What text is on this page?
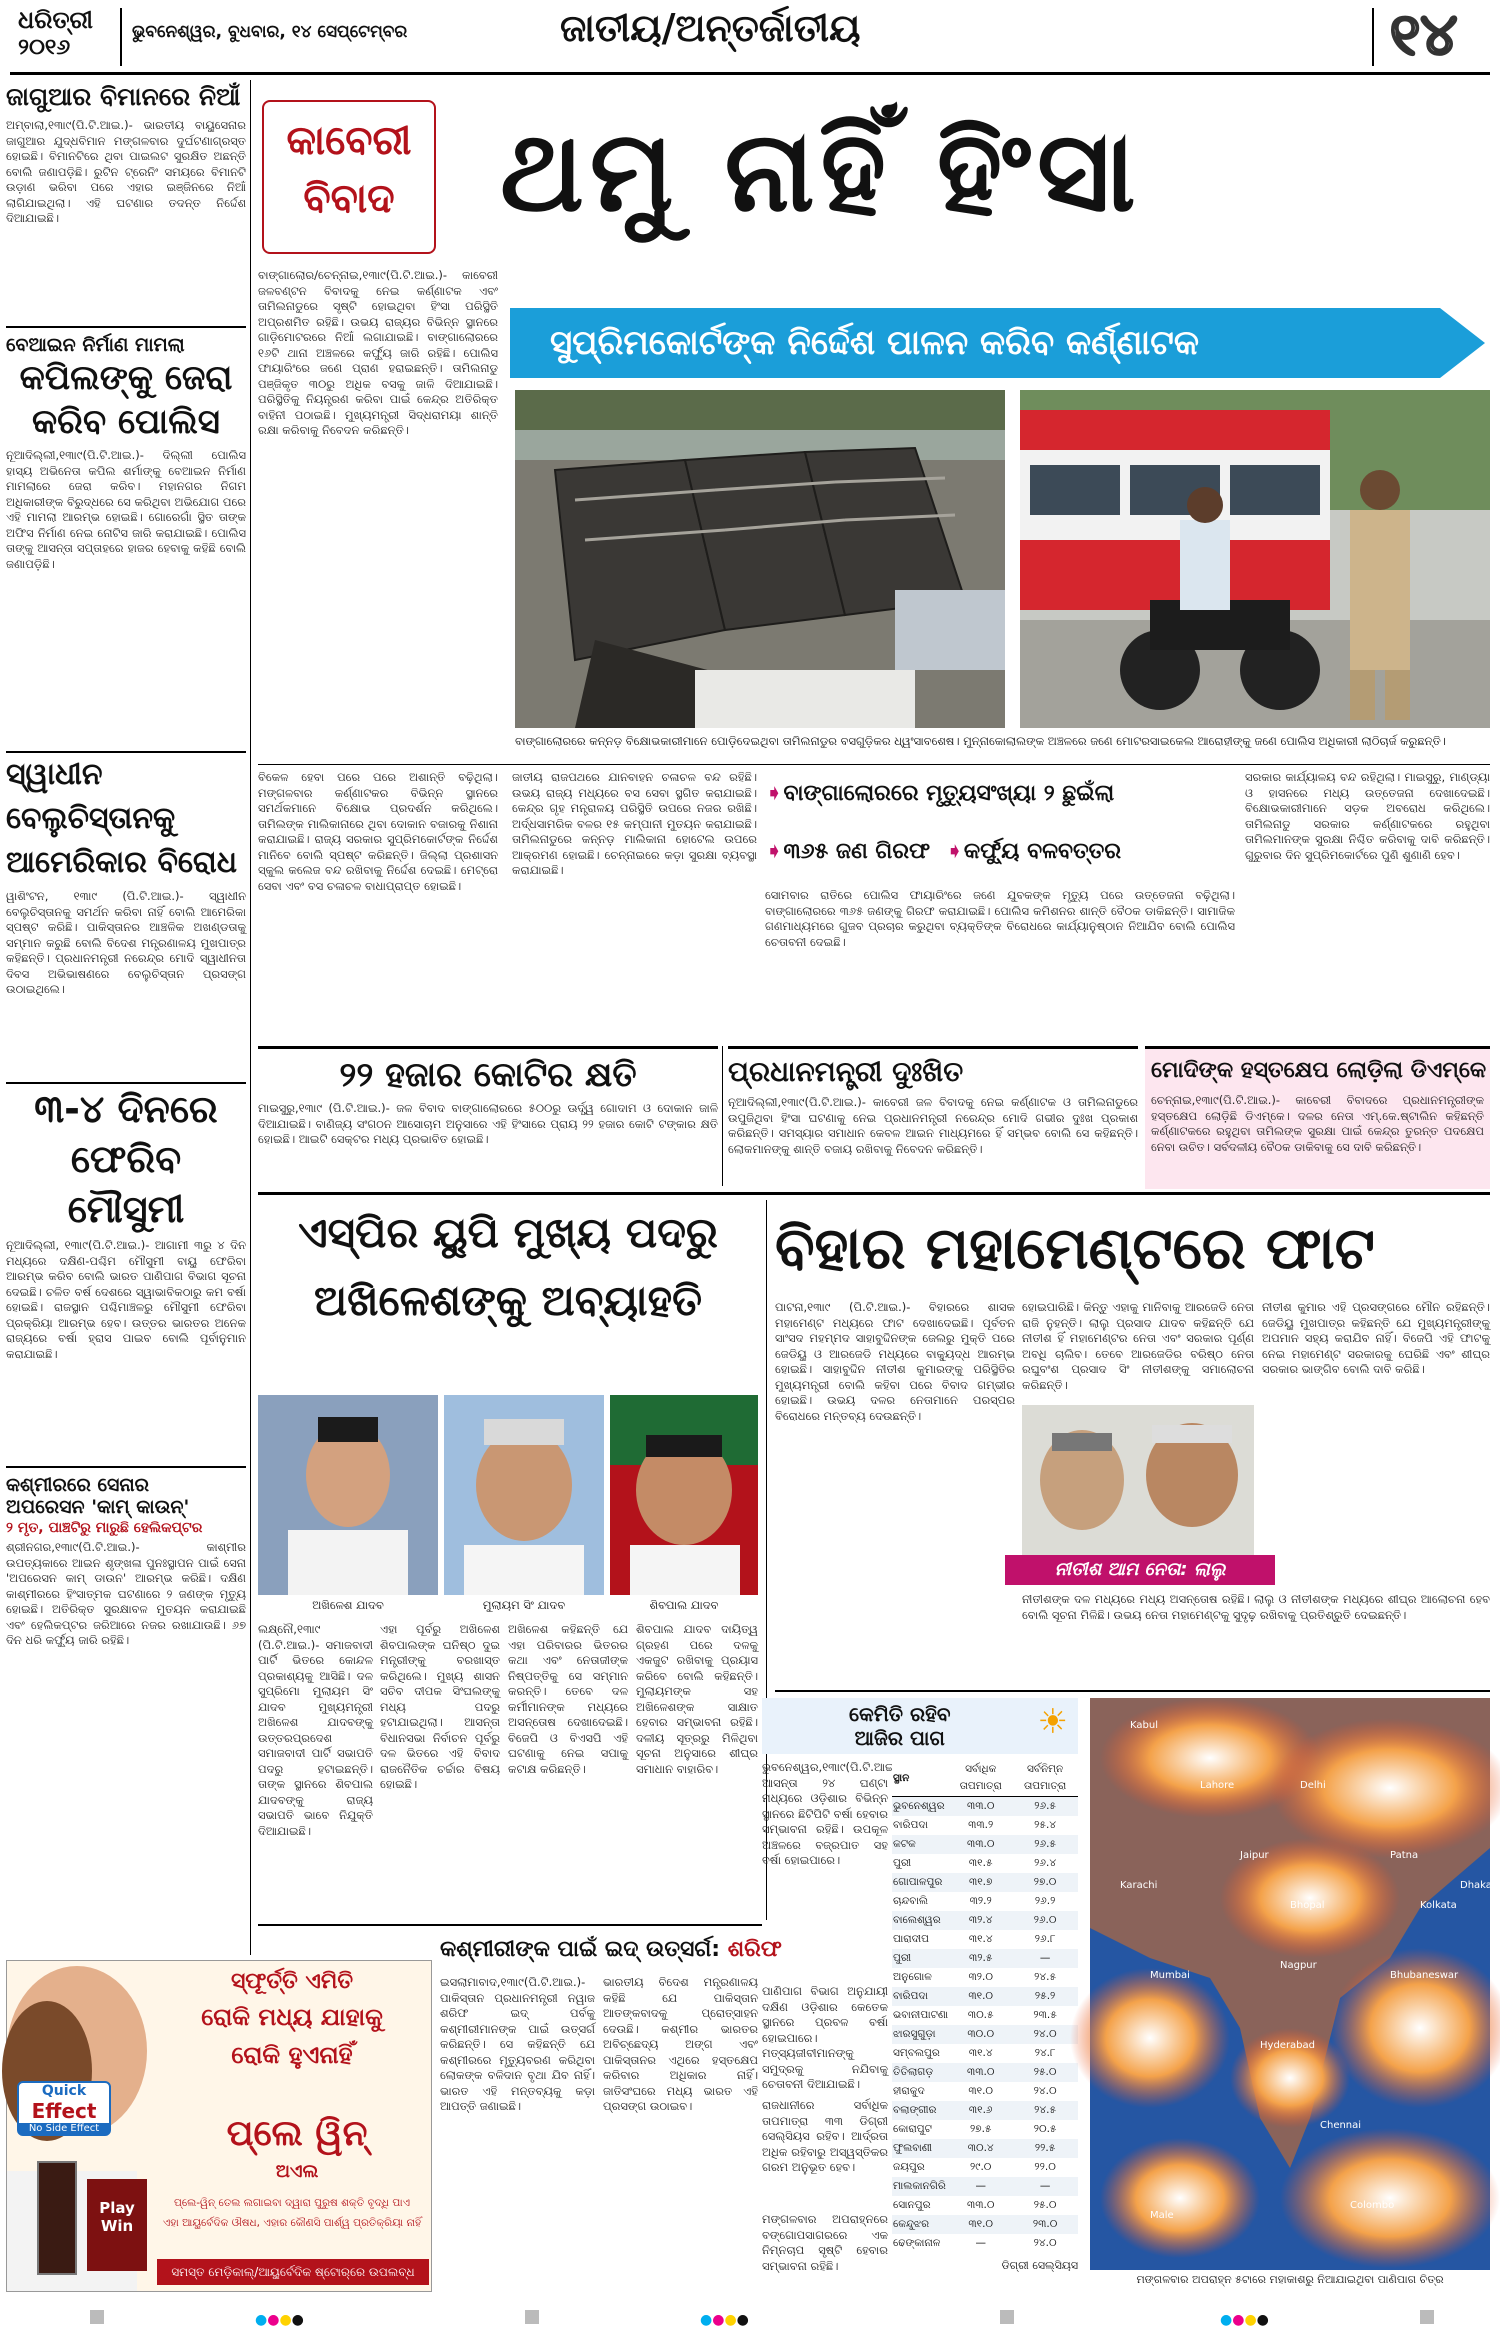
ଧରିତ୍ରୀ
୨୦୧୬
ଭୁବନେଶ୍ୱର, ବୁଧବାର, ୧୪ ସେପ୍ଟେମ୍ବର	ଜାତୀୟ/ଅନ୍ତର୍ଜାତୀୟ	୧୪
ଜାଗୁଆର ବିମାନରେ ନିଆଁ
ଅମ୍ବାଲା,୧୩ା୯(ପି.ଟି.ଆଇ.)- ଭାରତୀୟ ବାୟୁସେନାର ଜାଗୁଆର ଯୁଦ୍ଧବିମାନ ମଙ୍ଗଳବାର ଦୁର୍ଘଟଣାଗ୍ରସ୍ତ ହୋଇଛି। ବିମାନଟିରେ ଥିବା ପାଇଲଟ ସୁରକ୍ଷିତ ଅଛନ୍ତି ବୋଲି ଜଣାପଡ଼ିଛି। ରୁଟିନ ଟ୍ରେନିଂ ସମୟରେ ବିମାନଟି ଉଡ଼ାଣ ଭରିବା ପରେ ଏହାର ଇଞ୍ଜିନରେ ନିଆଁ ଲାଗିଯାଇଥିଲା। ଏହି ଘଟଣାର ତଦନ୍ତ ନିର୍ଦ୍ଦେଶ ଦିଆଯାଇଛି।
ବେଆଇନ ନିର୍ମାଣ ମାମଲା
କପିଲଙ୍କୁ ଜେରା କରିବ ପୋଲିସ
ନୂଆଦିଲ୍ଲୀ,୧୩ା୯(ପି.ଟି.ଆଇ.)- ଦିଲ୍ଲୀ ପୋଲିସ ହାସ୍ୟ ଅଭିନେତା କପିଲ ଶର୍ମାଙ୍କୁ ବେଆଇନ ନିର୍ମାଣ ମାମଲାରେ ଜେରା କରିବ। ମହାନଗର ନିଗମ ଅଧିକାରୀଙ୍କ ବିରୁଦ୍ଧରେ ସେ କରିଥିବା ଅଭିଯୋଗ ପରେ ଏହି ମାମଲା ଆରମ୍ଭ ହୋଇଛି। ଗୋରେଗାଁ ସ୍ଥିତ ତାଙ୍କ ଅଫିସ ନିର୍ମାଣ ନେଇ ନୋଟିସ ଜାରି କରାଯାଇଛି। ପୋଲିସ ତାଙ୍କୁ ଆସନ୍ତା ସପ୍ତାହରେ ହାଜର ହେବାକୁ କହିଛି ବୋଲି ଜଣାପଡ଼ିଛି।
ସ୍ୱାଧୀନ ବେଲୁଚିସ୍ତାନକୁ
ଆମେରିକାର ବିରୋଧ
ୱାଶିଂଟନ, ୧୩ା୯ (ପି.ଟି.ଆଇ.)- ସ୍ୱାଧୀନ ବେଲୁଚିସ୍ତାନକୁ ସମର୍ଥନ କରିବା ନାହିଁ ବୋଲି ଆମେରିକା ସ୍ପଷ୍ଟ କରିଛି। ପାକିସ୍ତାନର ଆଞ୍ଚଳିକ ଅଖଣ୍ଡତାକୁ ସମ୍ମାନ କରୁଛି ବୋଲି ବିଦେଶ ମନ୍ତ୍ରଣାଳୟ ମୁଖପାତ୍ର କହିଛନ୍ତି। ପ୍ରଧାନମନ୍ତ୍ରୀ ନରେନ୍ଦ୍ର ମୋଦି ସ୍ୱାଧୀନତା ଦିବସ ଅଭିଭାଷଣରେ ବେଲୁଚିସ୍ତାନ ପ୍ରସଙ୍ଗ ଉଠାଇଥିଲେ।
୩-୪ ଦିନରେ
ଫେରିବ ମୌସୁମୀ
ନୂଆଦିଲ୍ଲୀ, ୧୩ା୯(ପି.ଟି.ଆଇ.)- ଆଗାମୀ ୩ରୁ ୪ ଦିନ ମଧ୍ୟରେ ଦକ୍ଷିଣ-ପଶ୍ଚିମ ମୌସୁମୀ ବାୟୁ ଫେରିବା ଆରମ୍ଭ କରିବ ବୋଲି ଭାରତ ପାଣିପାଗ ବିଭାଗ ସୂଚନା ଦେଇଛି। ଚଳିତ ବର୍ଷ ଦେଶରେ ସ୍ୱାଭାବିକଠାରୁ କମ ବର୍ଷା ହୋଇଛି। ରାଜସ୍ଥାନ ପଶ୍ଚିମାଞ୍ଚଳରୁ ମୌସୁମୀ ଫେରିବା ପ୍ରକ୍ରିୟା ଆରମ୍ଭ ହେବ। ଉତ୍ତର ଭାରତର ଅନେକ ରାଜ୍ୟରେ ବର୍ଷା ହ୍ରାସ ପାଇବ ବୋଲି ପୂର୍ବାନୁମାନ କରାଯାଇଛି।
କଶ୍ମୀରରେ ସେନାର
ଅପରେସନ 'କାମ୍ କାଉନ୍'
୨ ମୃତ, ପାଞ୍ଚଟିରୁ ମାରୁଛି ହେଲିକପ୍ଟର
ଶ୍ରୀନଗର,୧୩ା୯(ପି.ଟି.ଆଇ.)- କାଶ୍ମୀର ଉପତ୍ୟକାରେ ଆଇନ ଶୃଙ୍ଖଳା ପୁନଃସ୍ଥାପନ ପାଇଁ ସେନା 'ଅପରେସନ କାମ୍ ଡାଉନ' ଆରମ୍ଭ କରିଛି। ଦକ୍ଷିଣ କାଶ୍ମୀରରେ ହିଂସାତ୍ମକ ଘଟଣାରେ ୨ ଜଣଙ୍କ ମୃତ୍ୟୁ ହୋଇଛି। ଅତିରିକ୍ତ ସୁରକ୍ଷାବଳ ମୁତୟନ କରାଯାଇଛି ଏବଂ ହେଲିକପ୍ଟର ଜରିଆରେ ନଜର ରଖାଯାଉଛି। ୬୭ ଦିନ ଧରି କର୍ଫ୍ୟୁ ଜାରି ରହିଛି।
କାବେରୀ
ବିବାଦ ଥମୁ ନାହିଁ ହିଂସା
ସୁପ୍ରିମକୋର୍ଟଙ୍କ ନିର୍ଦ୍ଦେଶ ପାଳନ କରିବ କର୍ଣ୍ଣାଟକ
ବାଙ୍ଗାଲୋର/ଚେନ୍ନାଇ,୧୩ା୯(ପି.ଟି.ଆଇ.)- କାବେରୀ ଜଳବଣ୍ଟନ ବିବାଦକୁ ନେଇ କର୍ଣ୍ଣାଟକ ଏବଂ ତାମିଲନାଡୁରେ ସୃଷ୍ଟି ହୋଇଥିବା ହିଂସା ପରିସ୍ଥିତି ଅପ୍ରଶମିତ ରହିଛି। ଉଭୟ ରାଜ୍ୟର ବିଭିନ୍ନ ସ୍ଥାନରେ ଗାଡ଼ିମୋଟରରେ ନିଆଁ ଲଗାଯାଇଛି। ବାଙ୍ଗାଲୋରରେ ୧୬ଟି ଥାନା ଅଞ୍ଚଳରେ କର୍ଫ୍ୟୁ ଜାରି ରହିଛି। ପୋଲିସ ଫାୟାରିଂରେ ଜଣେ ପ୍ରାଣ ହରାଇଛନ୍ତି। ତାମିଲନାଡୁ ପଞ୍ଜିକୃତ ୩୦ରୁ ଅଧିକ ବସକୁ ଜାଳି ଦିଆଯାଇଛି। ପରିସ୍ଥିତିକୁ ନିୟନ୍ତ୍ରଣ କରିବା ପାଇଁ କେନ୍ଦ୍ର ଅତିରିକ୍ତ ବାହିନୀ ପଠାଇଛି। ମୁଖ୍ୟମନ୍ତ୍ରୀ ସିଦ୍ଧରାମୟା ଶାନ୍ତି ରକ୍ଷା କରିବାକୁ ନିବେଦନ କରିଛନ୍ତି।
ବାଙ୍ଗାଲୋରରେ କନ୍ନଡ଼ ବିକ୍ଷୋଭକାରୀମାନେ ପୋଡ଼ିଦେଇଥିବା ତାମିଲନାଡୁର ବସଗୁଡ଼ିକର ଧ୍ୱଂସାବଶେଷ। ମୁନ୍ନାକୋଲାଲଙ୍କ ଅଞ୍ଚଳରେ ଜଣେ ମୋଟରସାଇକେଲ ଆରୋହୀଙ୍କୁ ଜଣେ ପୋଲିସ ଅଧିକାରୀ ଲାଠିଚାର୍ଜ କରୁଛନ୍ତି।
ବିକେଳ ହେବା ପରେ ପରେ ଅଶାନ୍ତି ବଢ଼ିଥିଲା। ମଙ୍ଗଳବାର କର୍ଣ୍ଣାଟକର ବିଭିନ୍ନ ସ୍ଥାନରେ ସମର୍ଥକମାନେ ବିକ୍ଷୋଭ ପ୍ରଦର୍ଶନ କରିଥିଲେ। ତାମିଲଙ୍କ ମାଲିକାନାରେ ଥିବା ଦୋକାନ ବଜାରକୁ ନିଶାନା କରାଯାଇଛି। ରାଜ୍ୟ ସରକାର ସୁପ୍ରିମକୋର୍ଟଙ୍କ ନିର୍ଦ୍ଦେଶ ମାନିବେ ବୋଲି ସ୍ପଷ୍ଟ କରିଛନ୍ତି। ଜିଲ୍ଲା ପ୍ରଶାସନ ସ୍କୁଲ କଲେଜ ବନ୍ଦ ରଖିବାକୁ ନିର୍ଦ୍ଦେଶ ଦେଇଛି। ମେଟ୍ରୋ ସେବା ଏବଂ ବସ ଚଳାଚଳ ବାଧାପ୍ରାପ୍ତ ହୋଇଛି।
ଜାତୀୟ ରାଜପଥରେ ଯାନବାହନ ଚଳାଚଳ ବନ୍ଦ ରହିଛି। ଉଭୟ ରାଜ୍ୟ ମଧ୍ୟରେ ବସ ସେବା ସ୍ଥଗିତ କରାଯାଇଛି। କେନ୍ଦ୍ର ଗୃହ ମନ୍ତ୍ରାଳୟ ପରିସ୍ଥିତି ଉପରେ ନଜର ରଖିଛି। ଅର୍ଦ୍ଧସାମରିକ ବଳର ୧୫ କମ୍ପାନୀ ମୁତୟନ କରାଯାଇଛି। ତାମିଲନାଡୁରେ କନ୍ନଡ଼ ମାଲିକାନା ହୋଟେଲ ଉପରେ ଆକ୍ରମଣ ହୋଇଛି। ଚେନ୍ନାଇରେ କଡ଼ା ସୁରକ୍ଷା ବ୍ୟବସ୍ଥା କରାଯାଇଛି।
➧ବାଙ୍ଗାଲୋରରେ ମୃତ୍ୟୁସଂଖ୍ୟା ୨ ଛୁଇଁଲା
➧୩୬୫ ଜଣ ଗିରଫ ➧କର୍ଫ୍ୟୁ ବଳବତ୍ତର
ସୋମବାର ରାତିରେ ପୋଲିସ ଫାୟାରିଂରେ ଜଣେ ଯୁବକଙ୍କ ମୃତ୍ୟୁ ପରେ ଉତ୍ତେଜନା ବଢ଼ିଥିଲା। ବାଙ୍ଗାଲୋରରେ ୩୬୫ ଜଣଙ୍କୁ ଗିରଫ କରାଯାଇଛି। ପୋଲିସ କମିଶନର ଶାନ୍ତି ବୈଠକ ଡାକିଛନ୍ତି। ସାମାଜିକ ଗଣମାଧ୍ୟମରେ ଗୁଜବ ପ୍ରଚାର କରୁଥିବା ବ୍ୟକ୍ତିଙ୍କ ବିରୋଧରେ କାର୍ଯ୍ୟାନୁଷ୍ଠାନ ନିଆଯିବ ବୋଲି ପୋଲିସ ଚେତାବନୀ ଦେଇଛି।
ସରକାର କାର୍ଯ୍ୟାଳୟ ବନ୍ଦ ରହିଥିଲା। ମାଇସୁରୁ, ମାଣ୍ଡ୍ୟା ଓ ହାସନରେ ମଧ୍ୟ ଉତ୍ତେଜନା ଦେଖାଦେଇଛି। ବିକ୍ଷୋଭକାରୀମାନେ ସଡ଼କ ଅବରୋଧ କରିଥିଲେ। ତାମିଲନାଡୁ ସରକାର କର୍ଣ୍ଣାଟକରେ ରହୁଥିବା ତାମିଲମାନଙ୍କ ସୁରକ୍ଷା ନିଶ୍ଚିତ କରିବାକୁ ଦାବି କରିଛନ୍ତି। ଗୁରୁବାର ଦିନ ସୁପ୍ରିମକୋର୍ଟରେ ପୁଣି ଶୁଣାଣି ହେବ।
୨୨ ହଜାର କୋଟିର କ୍ଷତି
ମାଇସୁରୁ,୧୩ା୯ (ପି.ଟି.ଆଇ.)- ଜଳ ବିବାଦ ବାଙ୍ଗାଲୋରରେ ୫୦୦ରୁ ଊର୍ଦ୍ଧ୍ୱ ଗୋଦାମ ଓ ଦୋକାନ ଜାଳି ଦିଆଯାଇଛି। ବାଣିଜ୍ୟ ସଂଗଠନ ଆସୋଚାମ ଅନୁସାରେ ଏହି ହିଂସାରେ ପ୍ରାୟ ୨୨ ହଜାର କୋଟି ଟଙ୍କାର କ୍ଷତି ହୋଇଛି। ଆଇଟି ସେକ୍ଟର ମଧ୍ୟ ପ୍ରଭାବିତ ହୋଇଛି।
ପ୍ରଧାନମନ୍ତ୍ରୀ ଦୁଃଖିତ
ନୂଆଦିଲ୍ଲୀ,୧୩ା୯(ପି.ଟି.ଆଇ.)- କାବେରୀ ଜଳ ବିବାଦକୁ ନେଇ କର୍ଣ୍ଣାଟକ ଓ ତାମିଲନାଡୁରେ ଉପୁଜିଥିବା ହିଂସା ଘଟଣାକୁ ନେଇ ପ୍ରଧାନମନ୍ତ୍ରୀ ନରେନ୍ଦ୍ର ମୋଦି ଗଭୀର ଦୁଃଖ ପ୍ରକାଶ କରିଛନ୍ତି। ସମସ୍ୟାର ସମାଧାନ କେବଳ ଆଇନ ମାଧ୍ୟମରେ ହିଁ ସମ୍ଭବ ବୋଲି ସେ କହିଛନ୍ତି। ଲୋକମାନଙ୍କୁ ଶାନ୍ତି ବଜାୟ ରଖିବାକୁ ନିବେଦନ କରିଛନ୍ତି।
ମୋଦିଙ୍କ ହସ୍ତକ୍ଷେପ ଲୋଡ଼ିଲା ଡିଏମ୍କେ
ଚେନ୍ନାଇ,୧୩ା୯(ପି.ଟି.ଆଇ.)- କାବେରୀ ବିବାଦରେ ପ୍ରଧାନମନ୍ତ୍ରୀଙ୍କ ହସ୍ତକ୍ଷେପ ଲୋଡ଼ିଛି ଡିଏମ୍କେ। ଦଳର ନେତା ଏମ୍.କେ.ଷ୍ଟାଲିନ କହିଛନ୍ତି କର୍ଣ୍ଣାଟକରେ ରହୁଥିବା ତାମିଲଙ୍କ ସୁରକ୍ଷା ପାଇଁ କେନ୍ଦ୍ର ତୁରନ୍ତ ପଦକ୍ଷେପ ନେବା ଉଚିତ। ସର୍ବଦଳୀୟ ବୈଠକ ଡାକିବାକୁ ସେ ଦାବି କରିଛନ୍ତି।
ଏସ୍‌ପିର ୟୁପି ମୁଖ୍ୟ ପଦରୁ
ଅଖିଳେଶଙ୍କୁ ଅବ୍ୟାହତି
ଅଖିଳେଶ ଯାଦବ	ମୁଲାୟମ ସିଂ ଯାଦବ	ଶିବପାଲ ଯାଦବ
ଲକ୍ଷ୍ନୌ,୧୩ା୯ (ପି.ଟି.ଆଇ.)- ସମାଜବାଦୀ ପାର୍ଟି ଭିତରେ କୋନ୍ଦଳ ପ୍ରକାଶ୍ୟକୁ ଆସିଛି। ଦଳ ସୁପ୍ରିମୋ ମୁଲାୟମ ସିଂ ଯାଦବ ମୁଖ୍ୟମନ୍ତ୍ରୀ ଅଖିଳେଶ ଯାଦବଙ୍କୁ ଉତ୍ତରପ୍ରଦେଶ ସମାଜବାଦୀ ପାର୍ଟି ସଭାପତି ପଦରୁ ହଟାଇଛନ୍ତି। ତାଙ୍କ ସ୍ଥାନରେ ଶିବପାଲ ଯାଦବଙ୍କୁ ରାଜ୍ୟ ସଭାପତି ଭାବେ ନିଯୁକ୍ତି ଦିଆଯାଇଛି।
ଏହା ପୂର୍ବରୁ ଅଖିଳେଶ ଶିବପାଲଙ୍କ ଘନିଷ୍ଠ ଦୁଇ ମନ୍ତ୍ରୀଙ୍କୁ ବରଖାସ୍ତ କରିଥିଲେ। ମୁଖ୍ୟ ଶାସନ ସଚିବ ଦୀପକ ସିଂଘଲଙ୍କୁ ମଧ୍ୟ ପଦରୁ ହଟାଯାଇଥିଲା। ଆସନ୍ତା ବିଧାନସଭା ନିର୍ବାଚନ ପୂର୍ବରୁ ଦଳ ଭିତରେ ଏହି ବିବାଦ ରାଜନୈତିକ ଚର୍ଚ୍ଚାର ବିଷୟ ହୋଇଛି।
ଅଖିଳେଶ କହିଛନ୍ତି ଯେ ଏହା ପରିବାରର ଭିତରର କଥା ଏବଂ ନେତାଜୀଙ୍କ ନିଷ୍ପତ୍ତିକୁ ସେ ସମ୍ମାନ କରନ୍ତି। ତେବେ ଦଳ କର୍ମୀମାନଙ୍କ ମଧ୍ୟରେ ଅସନ୍ତୋଷ ଦେଖାଦେଇଛି। ବିଜେପି ଓ ବିଏସପି ଏହି ଘଟଣାକୁ ନେଇ ସପାକୁ କଟାକ୍ଷ କରିଛନ୍ତି।
ଶିବପାଲ ଯାଦବ ଦାୟିତ୍ୱ ଗ୍ରହଣ ପରେ ଦଳକୁ ଏକଜୁଟ ରଖିବାକୁ ପ୍ରୟାସ କରିବେ ବୋଲି କହିଛନ୍ତି। ମୁଲାୟମଙ୍କ ସହ ଅଖିଳେଶଙ୍କ ସାକ୍ଷାତ ହେବାର ସମ୍ଭାବନା ରହିଛି। ଦଳୀୟ ସୂତ୍ରରୁ ମିଳିଥିବା ସୂଚନା ଅନୁସାରେ ଶୀଘ୍ର ସମାଧାନ ବାହାରିବ।
ବିହାର ମହାମେଣ୍ଟରେ ଫାଟ
ପାଟନା,୧୩ା୯ (ପି.ଟି.ଆଇ.)- ବିହାରରେ ଶାସକ ମହାମେଣ୍ଟ ମଧ୍ୟରେ ଫାଟ ଦେଖାଦେଇଛି। ପୂର୍ବତନ ସାଂସଦ ମହମ୍ମଦ ସାହାବୁଦ୍ଦିନଙ୍କ ଜେଲରୁ ମୁକ୍ତି ପରେ ଜେଡିୟୁ ଓ ଆରଜେଡି ମଧ୍ୟରେ ବାକ୍ୟୁଦ୍ଧ ଆରମ୍ଭ ହୋଇଛି। ସାହାବୁଦ୍ଦିନ ନୀତୀଶ କୁମାରଙ୍କୁ ପରିସ୍ଥିତିର ମୁଖ୍ୟମନ୍ତ୍ରୀ ବୋଲି କହିବା ପରେ ବିବାଦ ଗମ୍ଭୀର ହୋଇଛି। ଉଭୟ ଦଳର ନେତାମାନେ ପରସ୍ପର ବିରୋଧରେ ମନ୍ତବ୍ୟ ଦେଉଛନ୍ତି।
ହୋଇପାରିଛି। କିନ୍ତୁ ଏହାକୁ ମାନିବାକୁ ଆରଜେଡି ନେତା ରାଜି ନୁହନ୍ତି। ଲାଲୁ ପ୍ରସାଦ ଯାଦବ କହିଛନ୍ତି ଯେ ନୀତୀଶ ହିଁ ମହାମେଣ୍ଟର ନେତା ଏବଂ ସରକାର ପୂର୍ଣ୍ଣ ଅବଧି ଚାଲିବ। ତେବେ ଆରଜେଡିର ବରିଷ୍ଠ ନେତା ରଘୁବଂଶ ପ୍ରସାଦ ସିଂ ନୀତୀଶଙ୍କୁ ସମାଲୋଚନା କରିଛନ୍ତି।
ନୀତୀଶ କୁମାର ଏହି ପ୍ରସଙ୍ଗରେ ମୌନ ରହିଛନ୍ତି। ଜେଡିୟୁ ମୁଖପାତ୍ର କହିଛନ୍ତି ଯେ ମୁଖ୍ୟମନ୍ତ୍ରୀଙ୍କୁ ଅପମାନ ସହ୍ୟ କରାଯିବ ନାହିଁ। ବିଜେପି ଏହି ଫାଟକୁ ନେଇ ମହାମେଣ୍ଟ ସରକାରକୁ ଘେରିଛି ଏବଂ ଶୀଘ୍ର ସରକାର ଭାଙ୍ଗିବ ବୋଲି ଦାବି କରିଛି।
ନୀତୀଶ ଆମ ନେତା: ଲାଲୁ
ନୀତୀଶଙ୍କ ଦଳ ମଧ୍ୟରେ ମଧ୍ୟ ଅସନ୍ତୋଷ ରହିଛି। ଲାଲୁ ଓ ନୀତୀଶଙ୍କ ମଧ୍ୟରେ ଶୀଘ୍ର ଆଲୋଚନା ହେବ ବୋଲି ସୂଚନା ମିଳିଛି। ଉଭୟ ନେତା ମହାମେଣ୍ଟକୁ ସୁଦୃଢ଼ ରଖିବାକୁ ପ୍ରତିଶ୍ରୁତି ଦେଇଛନ୍ତି।
☀
କେମିତି ରହିବ
ଆଜିର ପାଗ
ଭୁବନେଶ୍ୱର,୧୩ା୯(ପି.ଟି.ଆଇ.)- ଆସନ୍ତା ୨୪ ଘଣ୍ଟା ମଧ୍ୟରେ ଓଡ଼ିଶାର ବିଭିନ୍ନ ସ୍ଥାନରେ ଛିଟିପିଟି ବର୍ଷା ହେବାର ସମ୍ଭାବନା ରହିଛି। ଉପକୂଳ ଅଞ୍ଚଳରେ ବଜ୍ରପାତ ସହ ବର୍ଷା ହୋଇପାରେ।
ପାଣିପାଗ ବିଭାଗ ଅନୁଯାୟୀ ଦକ୍ଷିଣ ଓଡ଼ିଶାର କେତେକ ସ୍ଥାନରେ ପ୍ରବଳ ବର୍ଷା ହୋଇପାରେ। ମତ୍ସ୍ୟଜୀବୀମାନଙ୍କୁ ସମୁଦ୍ରକୁ ନଯିବାକୁ ଚେତାବନୀ ଦିଆଯାଇଛି।
ରାଜଧାନୀରେ ସର୍ବାଧିକ ତାପମାତ୍ରା ୩୩ ଡିଗ୍ରୀ ସେଲ୍‌ସିୟସ ରହିବ। ଆର୍ଦ୍ରତା ଅଧିକ ରହିବାରୁ ଅସ୍ୱସ୍ତିକର ଗରମ ଅନୁଭୂତ ହେବ।
ମଙ୍ଗଳବାର ଅପରାହ୍ନରେ ବଙ୍ଗୋପସାଗରରେ ଏକ ନିମ୍ନଚାପ ସୃଷ୍ଟି ହେବାର ସମ୍ଭାବନା ରହିଛି।
ସ୍ଥାନ	ସର୍ବାଧିକ ତାପମାତ୍ରା	ସର୍ବନିମ୍ନ ତାପମାତ୍ରା
ଭୁବନେଶ୍ୱର	୩୩.୦	୨୬.୫
ବାରିପଦା	୩୩.୨	୨୫.୪
କଟକ	୩୩.୦	୨୬.୫
ପୁରୀ	୩୧.୫	୨୬.୪
ଗୋପାଳପୁର	୩୧.୭	୨୭.୦
ଚାନ୍ଦବାଲି	୩୨.୨	୨୬.୨
ବାଲେଶ୍ୱର	୩୨.୪	୨୬.୦
ପାରାଦୀପ	୩୧.୪	୨୬.୮
ପୁରୀ	୩୨.୫	—
ଅନୁଗୋଳ	୩୨.୦	୨୪.୫
ବାରିପଦା	୩୧.୦	୨୫.୨
ଭବାନୀପାଟଣା	୩୦.୫	୨୩.୫
ଝାରସୁଗୁଡ଼ା	୩୦.୦	୨୪.୦
ସମ୍ବଲପୁର	୩୧.୪	୨୪.୮
ତିତିଲାଗଡ଼	୩୩.୦	୨୫.୦
ହୀରାକୁଦ	୩୧.୦	୨୪.୦
ବଲାଙ୍ଗୀର	୩୧.୬	୨୪.୫
କୋରାପୁଟ	୨୭.୫	୨୦.୫
ଫୁଲବାଣୀ	୩୦.୪	୨୨.୫
ଜୟପୁର	୨୯.୦	୨୨.୦
ମାଲକାନଗିରି	—	—
ସୋନପୁର	୩୩.୦	୨୫.୦
କେନ୍ଦୁଝର	୩୧.୦	୨୩.୦
ଢେଙ୍କାନାଳ	—	୨୪.୦
ଡିଗ୍ରୀ ସେଲ୍‌ସିୟସ
Kabul
Lahore	Delhi
Karachi
Jaipur
Bhopal
Patna
Kolkata
Dhaka
Mumbai
Nagpur
Bhubaneswar
Hyderabad
Chennai
Colombo
Male
ମଙ୍ଗଳବାର ଅପରାହ୍ନ ୫ଟାରେ ମହାକାଶରୁ ନିଆଯାଇଥିବା ପାଣିପାଗ ଚିତ୍ର
କଶ୍ମୀରୀଙ୍କ ପାଇଁ ଇଦ୍ ଉତ୍ସର୍ଗ: ଶରିଫ
ଇସଲାମାବାଦ,୧୩ା୯(ପି.ଟି.ଆଇ.)- ପାକିସ୍ତାନ ପ୍ରଧାନମନ୍ତ୍ରୀ ନୱାଜ ଶରିଫ ଇଦ୍ ପର୍ବକୁ କଶ୍ମୀରୀମାନଙ୍କ ପାଇଁ ଉତ୍ସର୍ଗ କରିଛନ୍ତି। ସେ କହିଛନ୍ତି ଯେ କଶ୍ମୀରରେ ମୃତ୍ୟୁବରଣ କରିଥିବା ଲୋକଙ୍କ ବଳିଦାନ ବୃଥା ଯିବ ନାହିଁ। ଭାରତ ଏହି ମନ୍ତବ୍ୟକୁ କଡ଼ା ଆପତ୍ତି ଜଣାଇଛି।
ଭାରତୀୟ ବିଦେଶ ମନ୍ତ୍ରଣାଳୟ କହିଛି ଯେ ପାକିସ୍ତାନ ଆତଙ୍କବାଦକୁ ପ୍ରୋତ୍ସାହନ ଦେଉଛି। କଶ୍ମୀର ଭାରତର ଅବିଚ୍ଛେଦ୍ୟ ଅଙ୍ଗ ଏବଂ ପାକିସ୍ତାନର ଏଥିରେ ହସ୍ତକ୍ଷେପ କରିବାର ଅଧିକାର ନାହିଁ। ଜାତିସଂଘରେ ମଧ୍ୟ ଭାରତ ଏହି ପ୍ରସଙ୍ଗ ଉଠାଇବ।
ସ୍ଫୂର୍ତ୍ତି ଏମିତି
ରୋକି ମଧ୍ୟ ଯାହାକୁ
ରୋକି ହୁଏନାହିଁ
Quick
Effect
No Side Effect
Play
Win
ପ୍ଲେ ୱିନ୍
ଅଏଲ
ପ୍ଲେ-ୱିନ୍ ତେଲ ଲଗାଇବା ଦ୍ୱାରା ପୁରୁଷ ଶକ୍ତି ବୃଦ୍ଧି ପାଏ
ଏହା ଆୟୁର୍ବେଦିକ ଔଷଧ, ଏହାର କୌଣସି ପାର୍ଶ୍ୱ ପ୍ରତିକ୍ରିୟା ନାହିଁ
ସମସ୍ତ ମେଡ଼ିକାଲ୍/ଆୟୁର୍ବେଦିକ ଷ୍ଟୋର୍‌ରେ ଉପଲବ୍ଧ
●●●●	●●●●	●●●●
